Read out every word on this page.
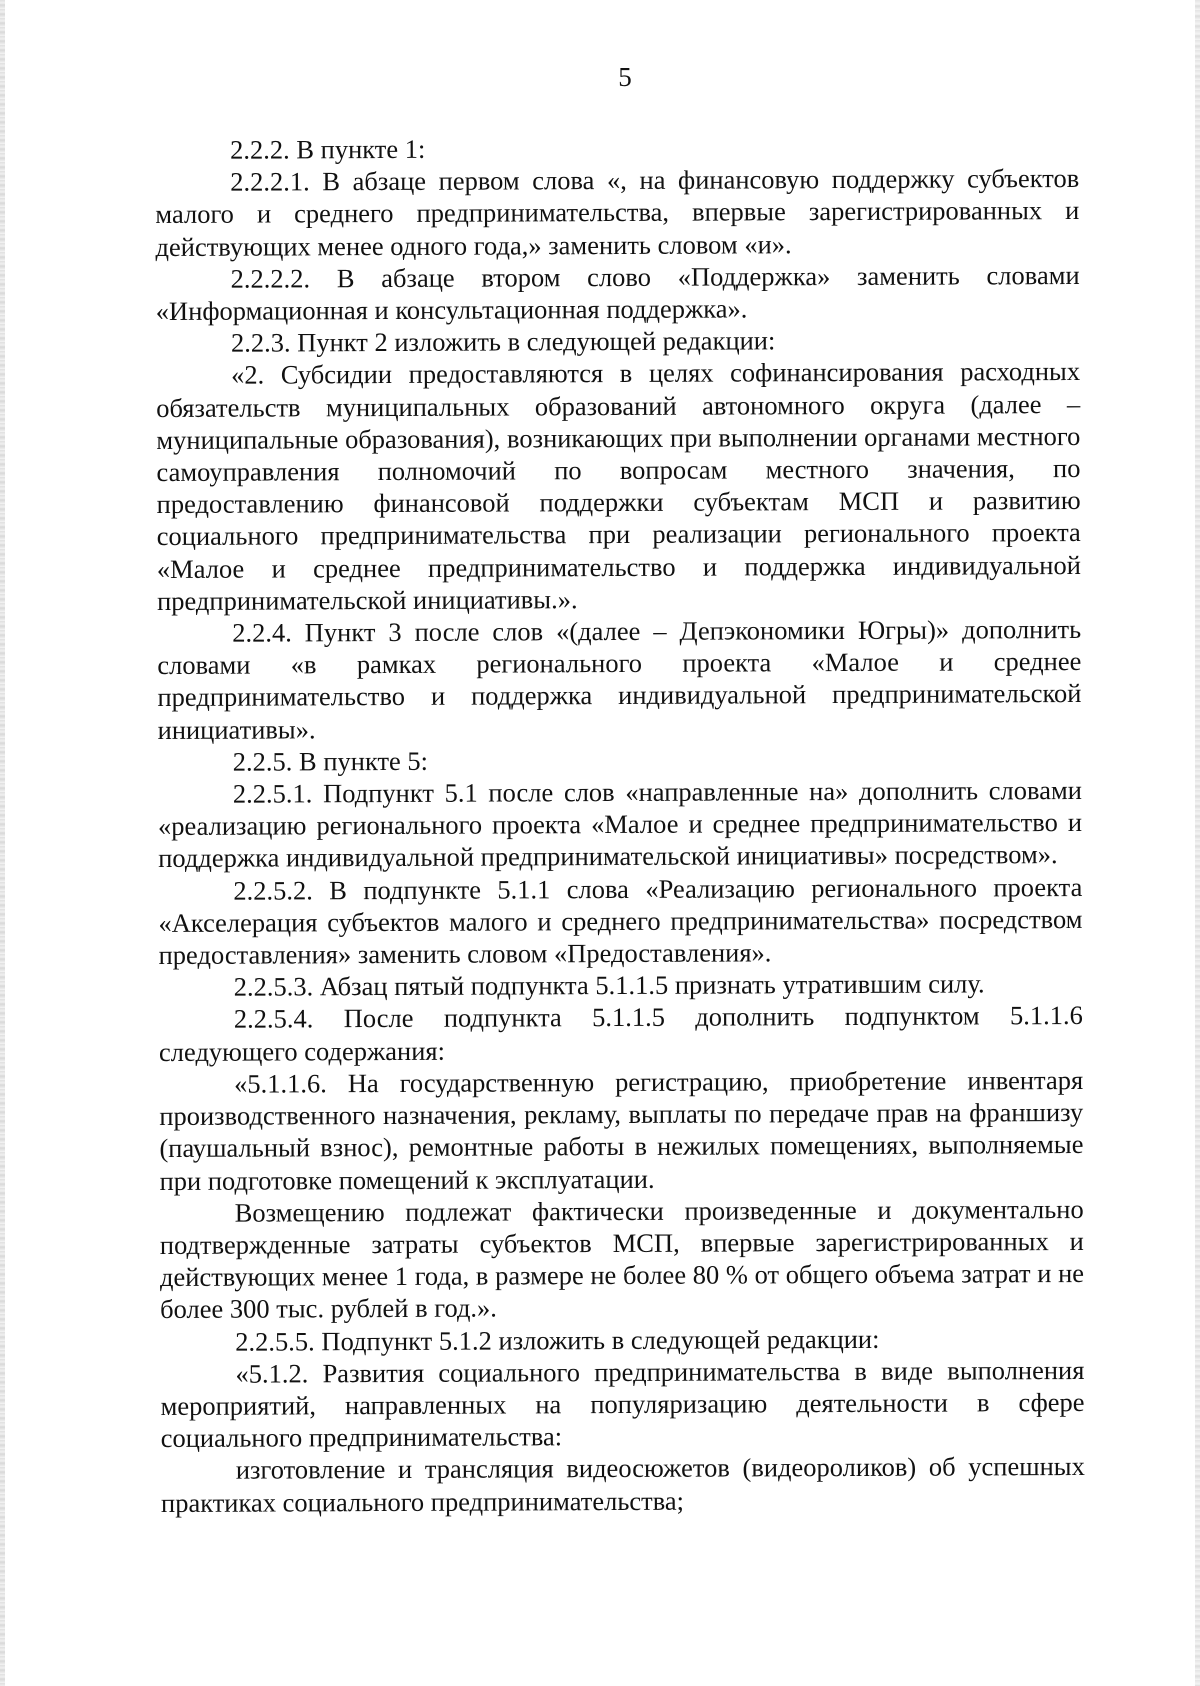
5

2.2.2. В пункте 1:

2.2.2.1. В абзаце первом слова «, на финансовую поддержку субъектов малого и среднего предпринимательства, впервые зарегистрированных и действующих менее одного года,» заменить словом «и».

2.2.2.2. В абзаце втором слово «Поддержка» заменить словами «Информационная и консультационная поддержка».

2.2.3. Пункт 2 изложить в следующей редакции:

«2. Субсидии предоставляются в целях софинансирования расходных обязательств муниципальных образований автономного округа (далее – муниципальные образования), возникающих при выполнении органами местного самоуправления полномочий по вопросам местного значения, по предоставлению финансовой поддержки субъектам МСП и развитию социального предпринимательства при реализации регионального проекта «Малое и среднее предпринимательство и поддержка индивидуальной предпринимательской инициативы.».

2.2.4. Пункт 3 после слов «(далее – Депэкономики Югры)» дополнить словами «в рамках регионального проекта «Малое и среднее предпринимательство и поддержка индивидуальной предпринимательской инициативы».

2.2.5. В пункте 5:

2.2.5.1. Подпункт 5.1 после слов «направленные на» дополнить словами «реализацию регионального проекта «Малое и среднее предпринимательство и поддержка индивидуальной предпринимательской инициативы» посредством».

2.2.5.2. В подпункте 5.1.1 слова «Реализацию регионального проекта «Акселерация субъектов малого и среднего предпринимательства» посредством предоставления» заменить словом «Предоставления».

2.2.5.3. Абзац пятый подпункта 5.1.1.5 признать утратившим силу.

2.2.5.4. После подпункта 5.1.1.5 дополнить подпунктом 5.1.1.6 следующего содержания:

«5.1.1.6. На государственную регистрацию, приобретение инвентаря производственного назначения, рекламу, выплаты по передаче прав на франшизу (паушальный взнос), ремонтные работы в нежилых помещениях, выполняемые при подготовке помещений к эксплуатации.

Возмещению подлежат фактически произведенные и документально подтвержденные затраты субъектов МСП, впервые зарегистрированных и действующих менее 1 года, в размере не более 80 % от общего объема затрат и не более 300 тыс. рублей в год.».

2.2.5.5. Подпункт 5.1.2 изложить в следующей редакции:

«5.1.2. Развития социального предпринимательства в виде выполнения мероприятий, направленных на популяризацию деятельности в сфере социального предпринимательства:

изготовление и трансляция видеосюжетов (видеороликов) об успешных практиках социального предпринимательства;
